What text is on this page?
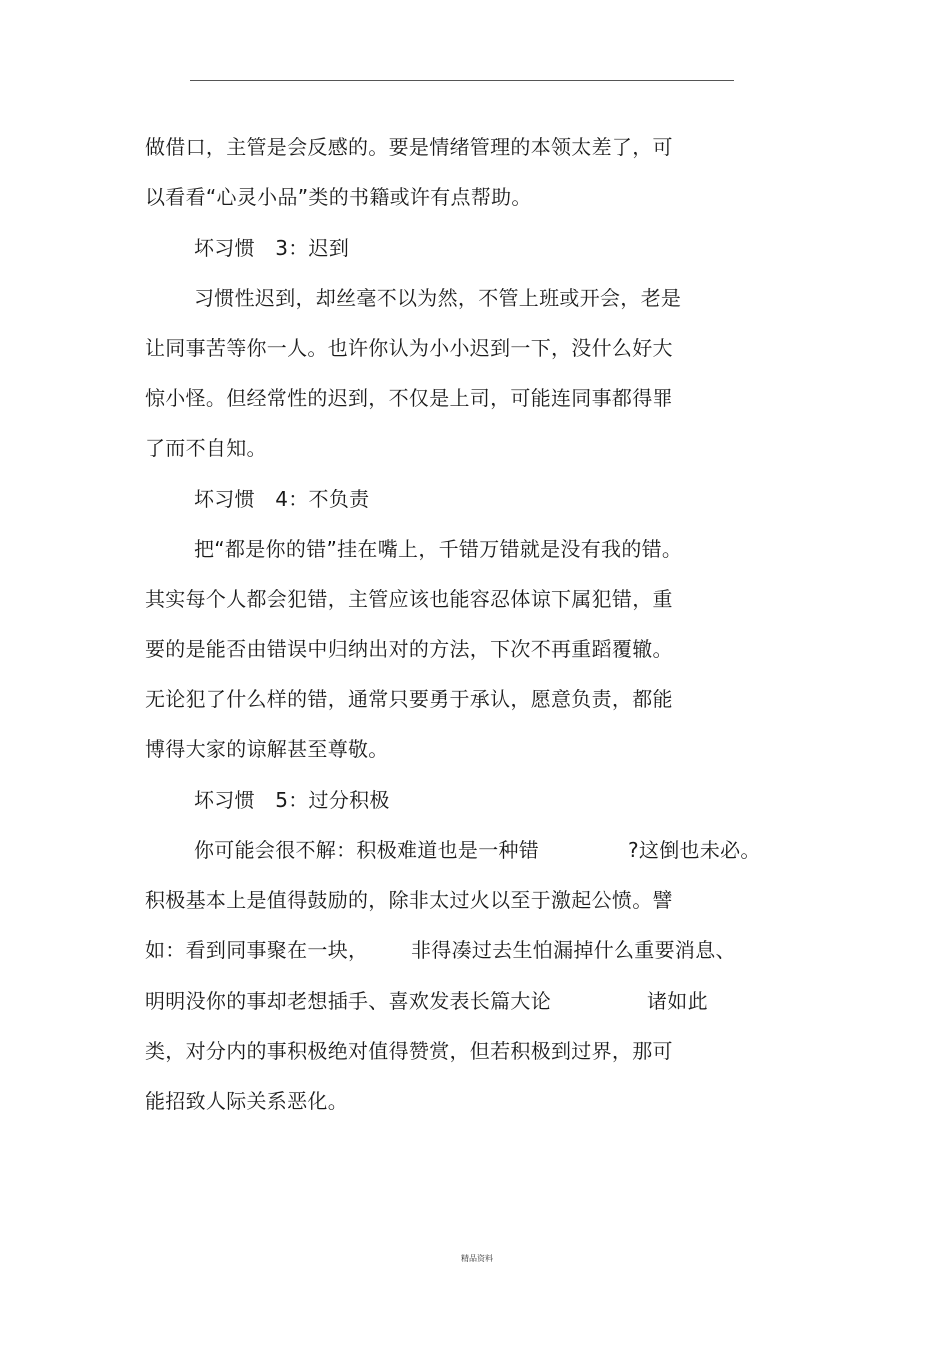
做借口，主管是会反感的。要是情绪管理的本领太差了，可
以看看“心灵小品”类的书籍或许有点帮助。
坏习惯　3：迟到
习惯性迟到，却丝毫不以为然，不管上班或开会，老是
让同事苦等你一人。也许你认为小小迟到一下，没什么好大
惊小怪。但经常性的迟到，不仅是上司，可能连同事都得罪
了而不自知。
坏习惯　4：不负责
把“都是你的错”挂在嘴上，千错万错就是没有我的错。
其实每个人都会犯错，主管应该也能容忍体谅下属犯错，重
要的是能否由错误中归纳出对的方法，下次不再重蹈覆辙。
无论犯了什么样的错，通常只要勇于承认，愿意负责，都能
博得大家的谅解甚至尊敬。
坏习惯　5：过分积极
你可能会很不解：积极难道也是一种错	?这倒也未必。
积极基本上是值得鼓励的，除非太过火以至于激起公愤。譬
如：看到同事聚在一块， 非得凑过去生怕漏掉什么重要消息、
明明没你的事却老想插手、喜欢发表长篇大论	诸如此
类，对分内的事积极绝对值得赞赏，但若积极到过界，那可
能招致人际关系恶化。
精品资料
